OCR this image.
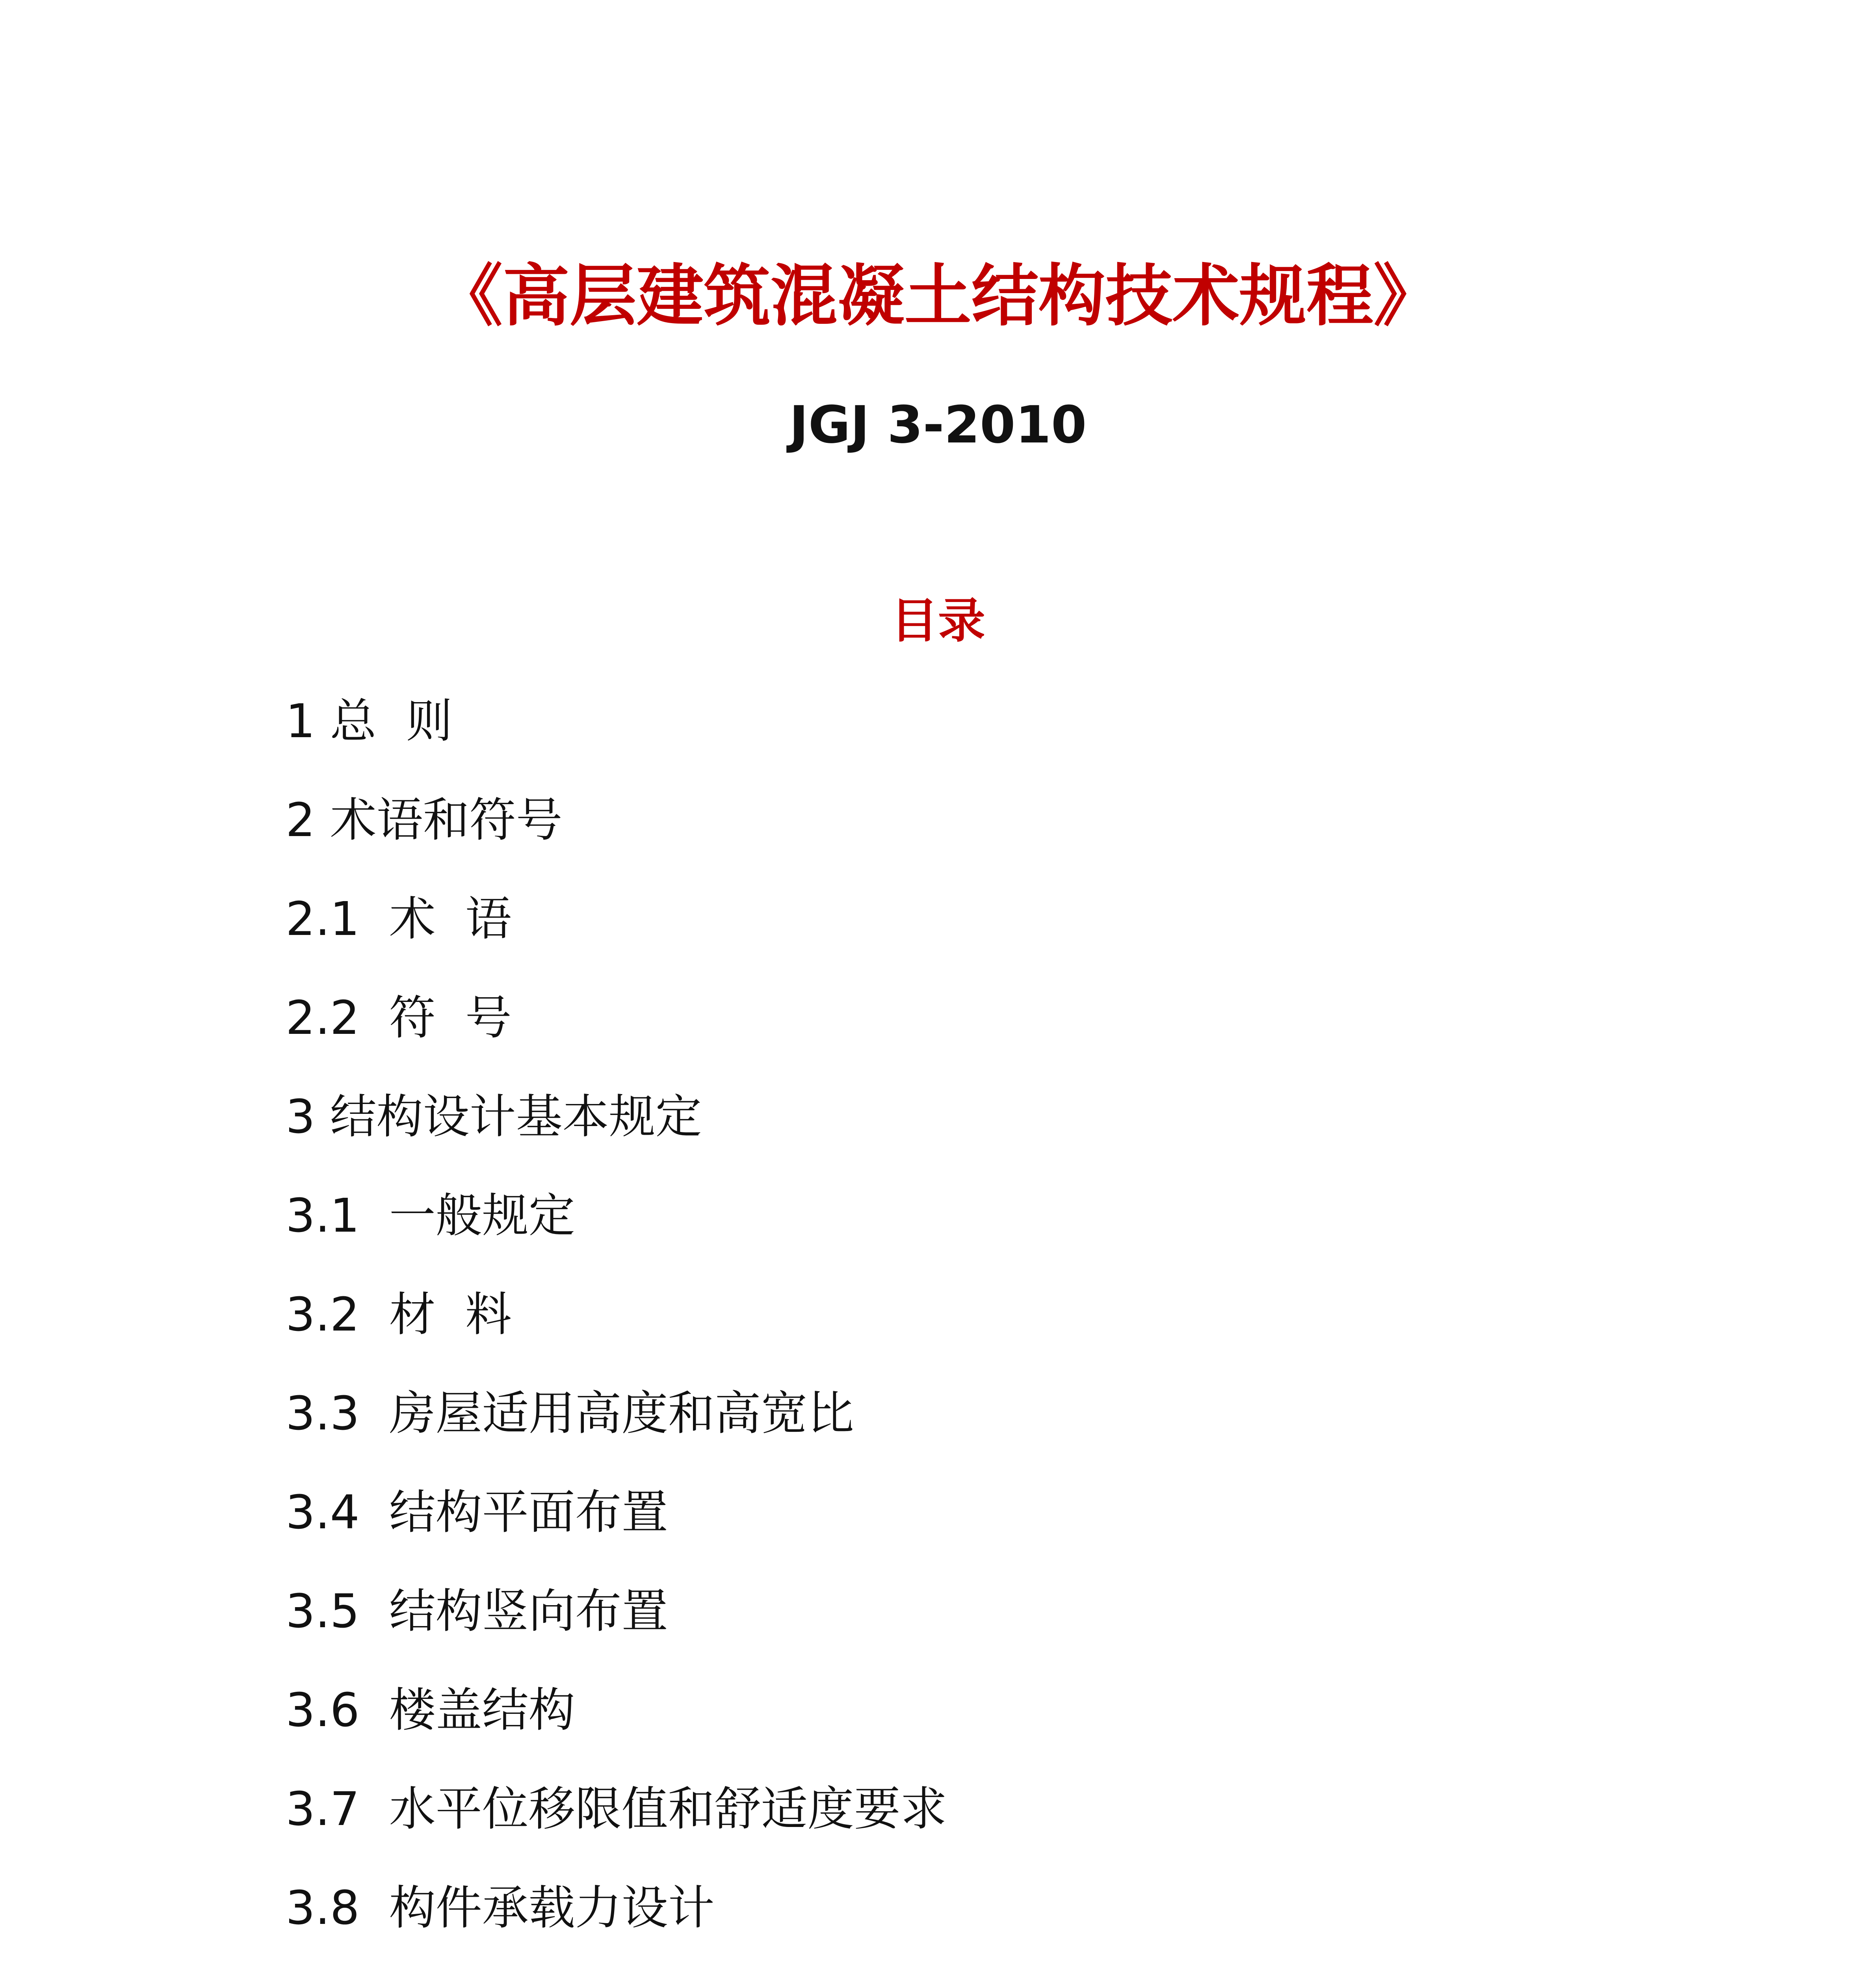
《高层建筑混凝土结构技术规程》
JGJ 3-2010
目录
1 总  则
2 术语和符号
2.1 术  语
2.2 符  号
3 结构设计基本规定
3.1 一般规定
3.2 材  料
3.3 房屋适用高度和高宽比
3.4 结构平面布置
3.5 结构竖向布置
3.6 楼盖结构
3.7 水平位移限值和舒适度要求
3.8 构件承载力设计
